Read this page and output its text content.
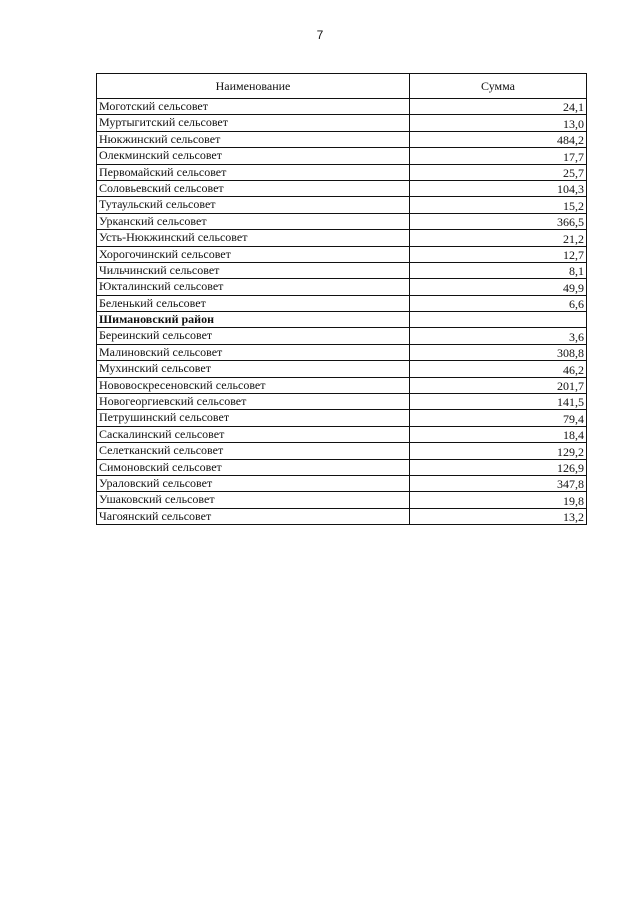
7
Наименование	Сумма
Моготский сельсовет	24,1
Муртыгитский сельсовет	13,0
Нюкжинский сельсовет	484,2
Олекминский сельсовет	17,7
Первомайский сельсовет	25,7
Соловьевский сельсовет	104,3
Тутаульский сельсовет	15,2
Урканский сельсовет	366,5
Усть-Нюкжинский сельсовет	21,2
Хорогочинский сельсовет	12,7
Чильчинский сельсовет	8,1
Юкталинский сельсовет	49,9
Беленький сельсовет	6,6
Шимановский район	
Береинский сельсовет	3,6
Малиновский сельсовет	308,8
Мухинский сельсовет	46,2
Нововоскресеновский сельсовет	201,7
Новогеоргиевский сельсовет	141,5
Петрушинский сельсовет	79,4
Саскалинский сельсовет	18,4
Селетканский сельсовет	129,2
Симоновский сельсовет	126,9
Ураловский сельсовет	347,8
Ушаковский сельсовет	19,8
Чагоянский сельсовет	13,2
